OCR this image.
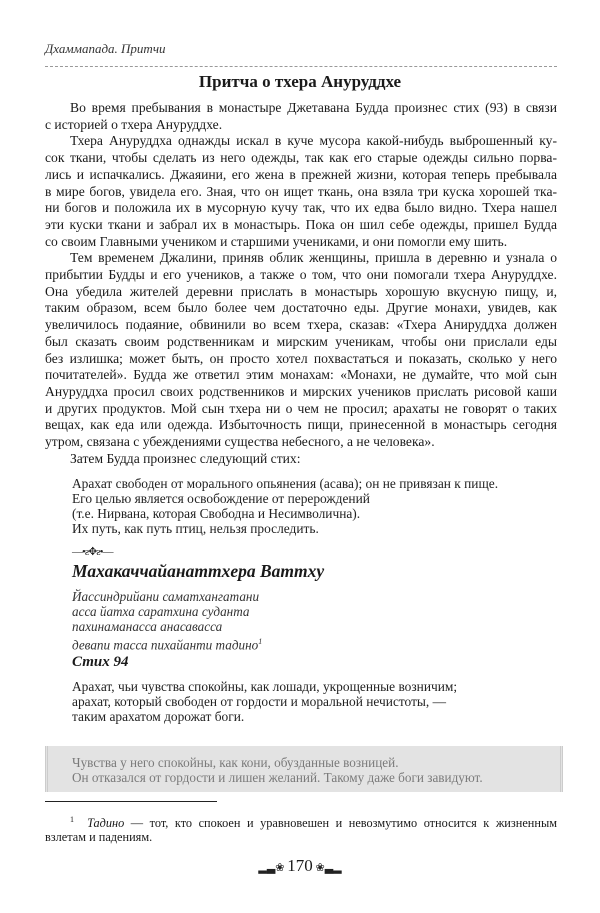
Дхаммапада. Притчи
Притча о тхера Ануруддхе
Во время пребывания в монастыре Джетавана Будда произнес стих (93) в связи
с историей о тхера Ануруддхе.
Тхера Ануруддха однажды искал в куче мусора какой-нибудь выброшенный ку-
сок ткани, чтобы сделать из него одежды, так как его старые одежды сильно порва-
лись и испачкались. Джаяини, его жена в прежней жизни, которая теперь пребывала
в мире богов, увидела его. Зная, что он ищет ткань, она взяла три куска хорошей тка-
ни богов и положила их в мусорную кучу так, что их едва было видно. Тхера нашел
эти куски ткани и забрал их в монастырь. Пока он шил себе одежды, пришел Будда
со своим Главными учеником и старшими учениками, и они помогли ему шить.
Тем временем Джалини, приняв облик женщины, пришла в деревню и узнала о
прибытии Будды и его учеников, а также о том, что они помогали тхера Ануруддхе.
Она убедила жителей деревни прислать в монастырь хорошую вкусную пищу, и,
таким образом, всем было более чем достаточно еды. Другие монахи, увидев, как
увеличилось подаяние, обвинили во всем тхера, сказав: «Тхера Анируддха должен
был сказать своим родственникам и мирским ученикам, чтобы они прислали еды
без излишка; может быть, он просто хотел похвастаться и показать, сколько у него
почитателей». Будда же ответил этим монахам: «Монахи, не думайте, что мой сын
Ануруддха просил своих родственников и мирских учеников прислать рисовой каши
и других продуктов. Мой сын тхера ни о чем не просил; арахаты не говорят о таких
вещах, как еда или одежда. Избыточность пищи, принесенной в монастырь сегодня
утром, связана с убеждениями существа небесного, а не человека».
Затем Будда произнес следующий стих:
Арахат свободен от морального опьянения (асава); он не привязан к пище.
Его целью является освобождение от перерождений
(т.е. Нирвана, которая Свободна и Несимволична).
Их путь, как путь птиц, нельзя проследить.
—•ƨ✥ƨ•—
Махакаччайанаттхера Ваттху
Йассиндрийани саматхангатани
асса йатха саратхина суданта
пахинаманасса анасавасса
девапи тасса пихайанти тадино$^1$
Стих 94
Арахат, чьи чувства спокойны, как лошади, укрощенные возничим;
арахат, который свободен от гордости и моральной нечистоты, —
таким арахатом дорожат боги.
Чувства у него спокойны, как кони, обузданные возницей.
Он отказался от гордости и лишен желаний. Такому даже боги завидуют.
$^1$ Тадино — тот, кто спокоен и уравновешен и невозмутимо относится к жизненным
взлетам и падениям.
▂▃❀ 170 ❀▃▂
